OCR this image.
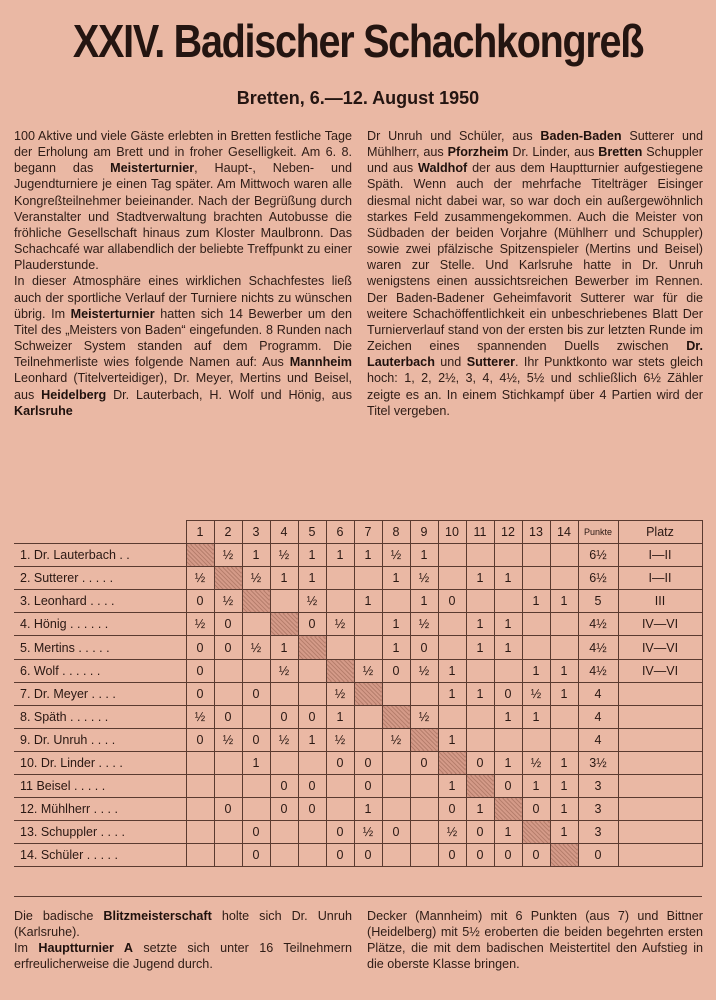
XXIV. Badischer Schachkongreß
Bretten, 6.—12. August 1950

100 Aktive und viele Gäste erlebten in Bretten festliche Tage der Erholung am Brett und in froher Geselligkeit. Am 6. 8. begann das Meisterturnier, Haupt-, Neben- und Jugendturniere je einen Tag später. Am Mittwoch waren alle Kongreßteilnehmer beieinander. Nach der Begrüßung durch Veranstalter und Stadtverwaltung brachten Autobusse die fröhliche Gesellschaft hinaus zum Kloster Maulbronn. Das Schachcafé war allabendlich der beliebte Treffpunkt zu einer Plauderstunde.

In dieser Atmosphäre eines wirklichen Schachfestes ließ auch der sportliche Verlauf der Turniere nichts zu wünschen übrig. Im Meisterturnier hatten sich 14 Bewerber um den Titel des „Meisters von Baden“ eingefunden. 8 Runden nach Schweizer System standen auf dem Programm. Die Teilnehmerliste wies folgende Namen auf: Aus Mannheim Leonhard (Titelverteidiger), Dr. Meyer, Mertins und Beisel, aus Heidelberg Dr. Lauterbach, H. Wolf und Hönig, aus Karlsruhe

Dr Unruh und Schüler, aus Baden-Baden Sutterer und Mühlherr, aus Pforzheim Dr. Linder, aus Bretten Schuppler und aus Waldhof der aus dem Hauptturnier aufgestiegene Späth. Wenn auch der mehrfache Titelträger Eisinger diesmal nicht dabei war, so war doch ein außergewöhnlich starkes Feld zusammengekommen. Auch die Meister von Südbaden der beiden Vorjahre (Mühlherr und Schuppler) sowie zwei pfälzische Spitzenspieler (Mertins und Beisel) waren zur Stelle. Und Karlsruhe hatte in Dr. Unruh wenigstens einen aussichtsreichen Bewerber im Rennen. Der Baden-Badener Geheimfavorit Sutterer war für die weitere Schachöffentlichkeit ein unbeschriebenes Blatt Der Turnierverlauf stand von der ersten bis zur letzten Runde im Zeichen eines spannenden Duells zwischen Dr. Lauterbach und Sutterer. Ihr Punktkonto war stets gleich hoch: 1, 2, 2½, 3, 4, 4½, 5½ und schließlich 6½ Zähler zeigte es an. In einem Stichkampf über 4 Partien wird der Titel vergeben.

	1	2	3	4	5	6	7	8	9	10	11	12	13	14	Punkte	Platz
1. Dr. Lauterbach . .		½	1	½	1	1	1	½	1						6½	I—II
2. Sutterer . . . . .	½		½	1	1			1	½		1	1			6½	I—II
3. Leonhard . . . .	0	½			½		1		1	0			1	1	5	III
4. Hönig . . . . . .	½	0			0	½		1	½		1	1			4½	IV—VI
5. Mertins . . . . .	0	0	½	1				1	0		1	1			4½	IV—VI
6. Wolf . . . . . .	0			½			½	0	½	1			1	1	4½	IV—VI
7. Dr. Meyer . . . .	0		0			½				1	1	0	½	1	4	
8. Späth . . . . . .	½	0		0	0	1			½			1	1		4	
9. Dr. Unruh . . . .	0	½	0	½	1	½		½		1					4	
10. Dr. Linder . . . .			1			0	0		0		0	1	½	1	3½	
11 Beisel . . . . .				0	0		0			1		0	1	1	3	
12. Mühlherr . . . .		0		0	0		1			0	1		0	1	3	
13. Schuppler . . . .			0			0	½	0		½	0	1		1	3	
14. Schüler . . . . .			0			0	0			0	0	0	0		0	

Die badische Blitzmeisterschaft holte sich Dr. Unruh (Karlsruhe).

Im Hauptturnier A setzte sich unter 16 Teilnehmern erfreulicherweise die Jugend durch.

Decker (Mannheim) mit 6 Punkten (aus 7) und Bittner (Heidelberg) mit 5½ eroberten die beiden begehrten ersten Plätze, die mit dem badischen Meistertitel den Aufstieg in die oberste Klasse bringen.
